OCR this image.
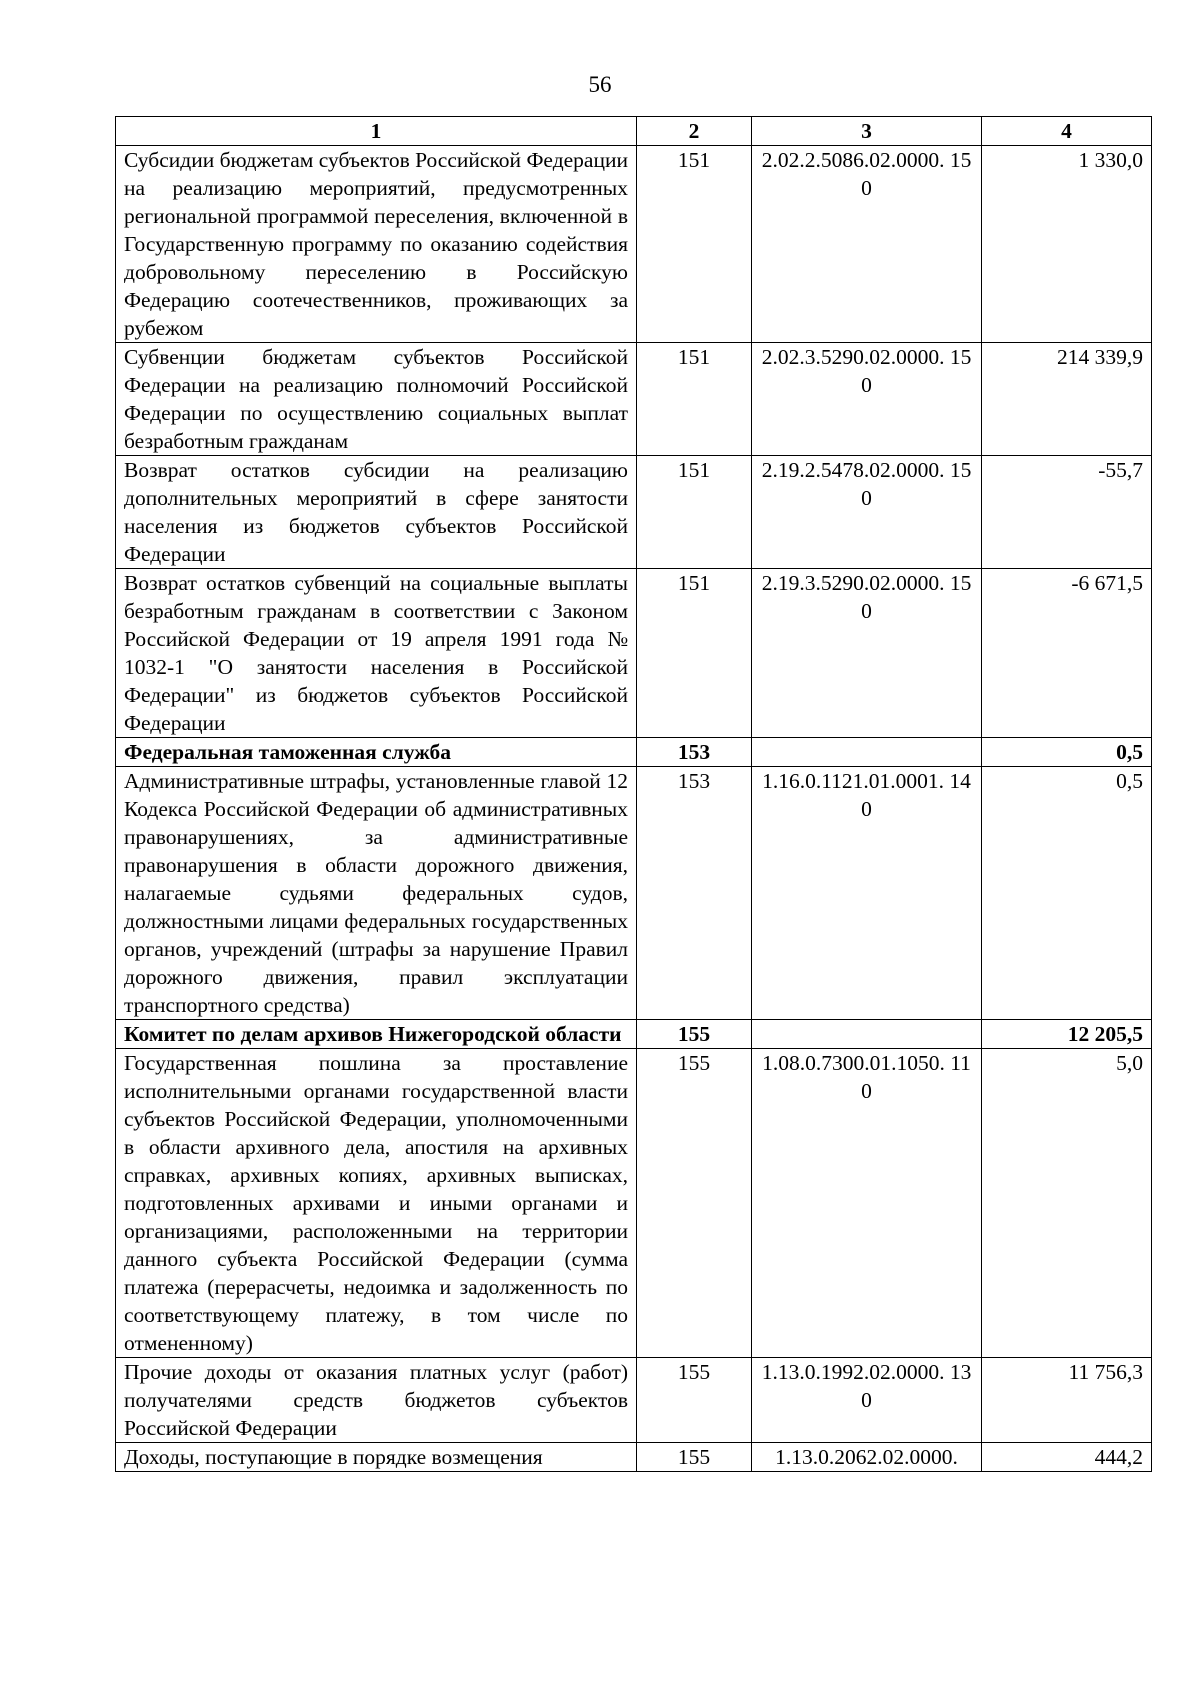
56
1	2	3	4
Субсидии бюджетам субъектов Российской Федерации на реализацию мероприятий, предусмотренных региональной программой переселения, включенной в Государственную программу по оказанию содействия добровольному переселению в Российскую Федерацию соотечественников, проживающих за рубежом	151	2.02.2.5086.02.0000. 150	1 330,0
Субвенции бюджетам субъектов Российской Федерации на реализацию полномочий Российской Федерации по осуществлению социальных выплат безработным гражданам	151	2.02.3.5290.02.0000. 150	214 339,9
Возврат остатков субсидии на реализацию дополнительных мероприятий в сфере занятости населения из бюджетов субъектов Российской Федерации	151	2.19.2.5478.02.0000. 150	-55,7
Возврат остатков субвенций на социальные выплаты безработным гражданам в соответствии с Законом Российской Федерации от 19 апреля 1991 года № 1032-1 "О занятости населения в Российской Федерации" из бюджетов субъектов Российской Федерации	151	2.19.3.5290.02.0000. 150	-6 671,5
Федеральная таможенная служба	153		0,5
Административные штрафы, установленные главой 12 Кодекса Российской Федерации об административных правонарушениях, за административные правонарушения в области дорожного движения, налагаемые судьями федеральных судов, должностными лицами федеральных государственных органов, учреждений (штрафы за нарушение Правил дорожного движения, правил эксплуатации транспортного средства)	153	1.16.0.1121.01.0001. 140	0,5
Комитет по делам архивов Нижегородской области	155		12 205,5
Государственная пошлина за проставление исполнительными органами государственной власти субъектов Российской Федерации, уполномоченными в области архивного дела, апостиля на архивных справках, архивных копиях, архивных выписках, подготовленных архивами и иными органами и организациями, расположенными на территории данного субъекта Российской Федерации (сумма платежа (перерасчеты, недоимка и задолженность по соответствующему платежу, в том числе по отмененному)	155	1.08.0.7300.01.1050. 110	5,0
Прочие доходы от оказания платных услуг (работ) получателями средств бюджетов субъектов Российской Федерации	155	1.13.0.1992.02.0000. 130	11 756,3
Доходы, поступающие в порядке возмещения	155	1.13.0.2062.02.0000.	444,2
